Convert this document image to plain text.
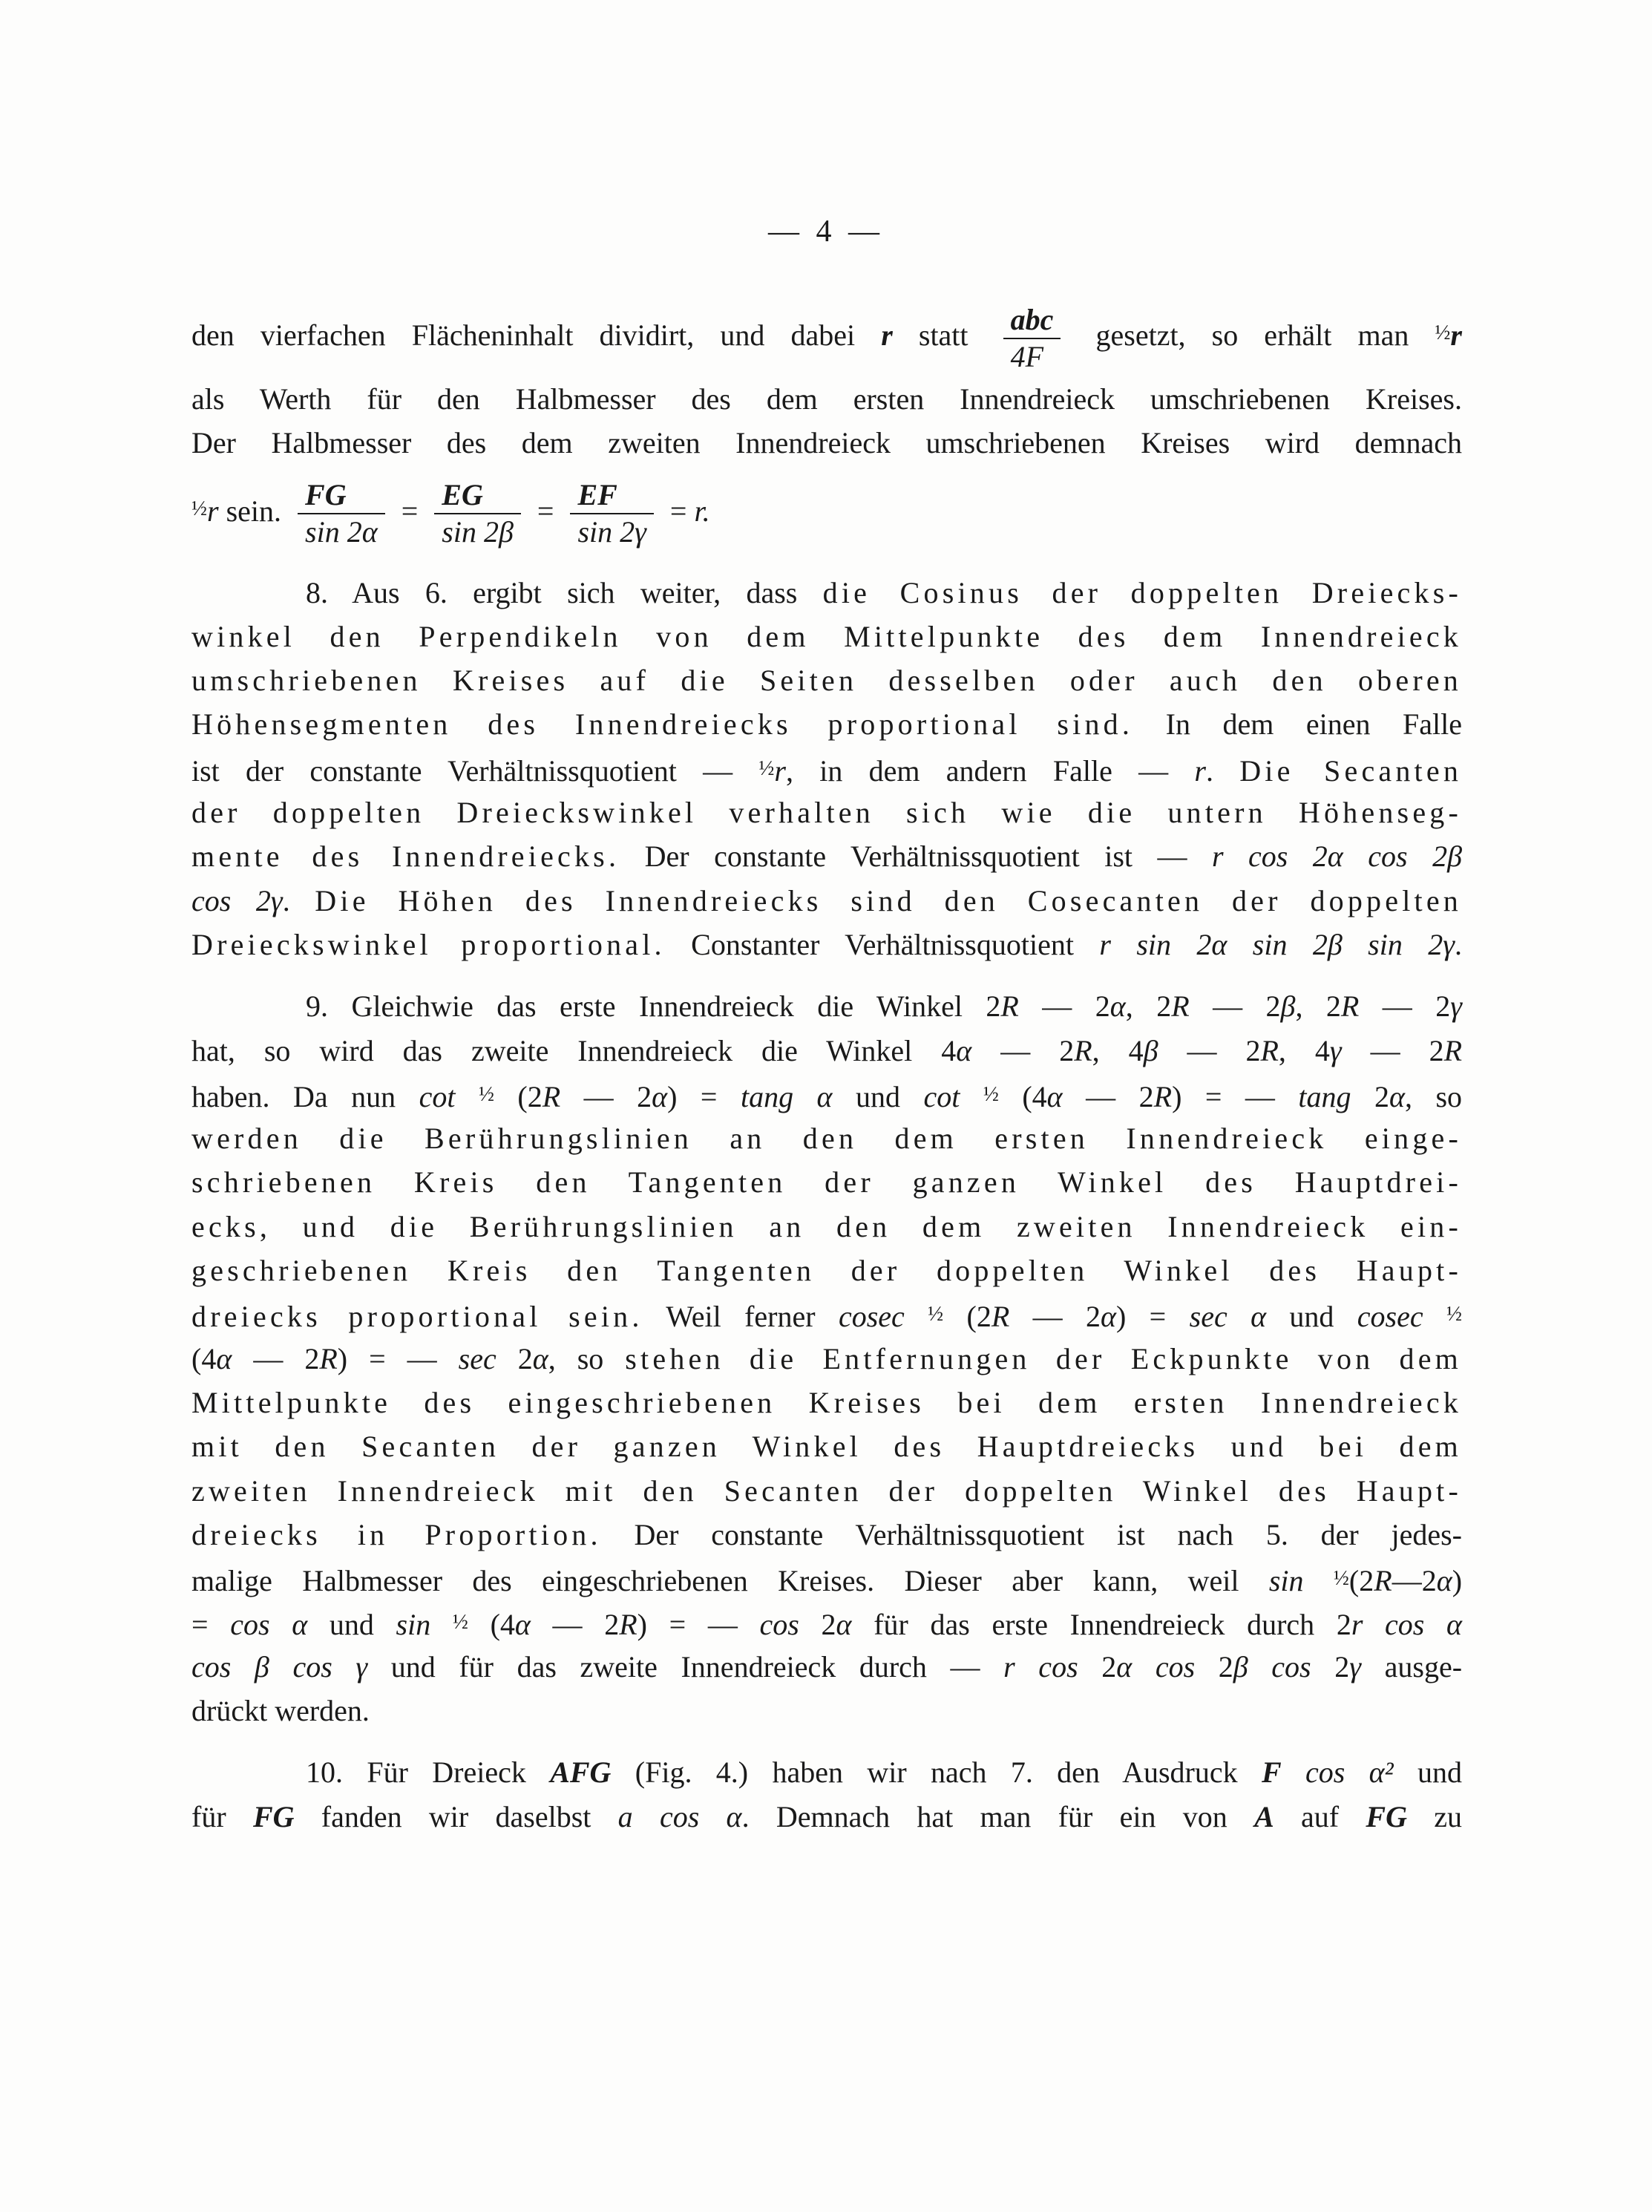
— 4 —
den vierfachen Flächeninhalt dividirt, und dabei r statt $\frac{\text{abc}}{4F}$ gesetzt, so erhält man $^{\frac{1}{2}}$r
als Werth für den Halbmesser des dem ersten Innendreieck umschriebenen Kreises.
Der Halbmesser des dem zweiten Innendreieck umschriebenen Kreises wird demnach
$^{\frac{1}{2}}$r sein. $\frac{FG}{\sin 2\alpha} = \frac{EG}{\sin 2\beta} = \frac{EF}{\sin 2\gamma} = r$.
8. Aus 6. ergibt sich weiter, dass die Cosinus der doppelten Dreiecks-
winkel den Perpendikeln von dem Mittelpunkte des dem Innendreieck
umschriebenen Kreises auf die Seiten desselben oder auch den oberen
Höhensegmenten des Innendreiecks proportional sind. In dem einen Falle
ist der constante Verhältnissquotient — $^{\frac{1}{2}}$r, in dem andern Falle — r. Die Secanten
der doppelten Dreieckswinkel verhalten sich wie die untern Höhenseg-
mente des Innendreiecks. Der constante Verhältnissquotient ist — r cos 2α cos 2β
cos 2γ. Die Höhen des Innendreiecks sind den Cosecanten der doppelten
Dreieckswinkel proportional. Constanter Verhältnissquotient r sin 2α sin 2β sin 2γ.
9. Gleichwie das erste Innendreieck die Winkel 2R — 2α, 2R — 2β, 2R — 2γ
hat, so wird das zweite Innendreieck die Winkel 4α — 2R, 4β — 2R, 4γ — 2R
haben. Da nun cot $^{\frac{1}{2}}$ (2R — 2α) = tang α und cot $^{\frac{1}{2}}$ (4α — 2R) = — tang 2α, so
werden die Berührungslinien an den dem ersten Innendreieck einge-
schriebenen Kreis den Tangenten der ganzen Winkel des Hauptdrei-
ecks, und die Berührungslinien an den dem zweiten Innendreieck ein-
geschriebenen Kreis den Tangenten der doppelten Winkel des Haupt-
dreiecks proportional sein. Weil ferner cosec $^{\frac{1}{2}}$ (2R — 2α) = sec α und cosec $^{\frac{1}{2}}$
(4α — 2R) = — sec 2α, so stehen die Entfernungen der Eckpunkte von dem
Mittelpunkte des eingeschriebenen Kreises bei dem ersten Innendreieck
mit den Secanten der ganzen Winkel des Hauptdreiecks und bei dem
zweiten Innendreieck mit den Secanten der doppelten Winkel des Haupt-
dreiecks in Proportion. Der constante Verhältnissquotient ist nach 5. der jedes-
malige Halbmesser des eingeschriebenen Kreises. Dieser aber kann, weil sin $^{\frac{1}{2}}$(2R—2α)
= cos α und sin $^{\frac{1}{2}}$ (4α — 2R) = — cos 2α für das erste Innendreieck durch 2r cos α
cos β cos γ und für das zweite Innendreieck durch — r cos 2α cos 2β cos 2γ ausge-
drückt werden.
10. Für Dreieck AFG (Fig. 4.) haben wir nach 7. den Ausdruck F cos α² und
für FG fanden wir daselbst a cos α. Demnach hat man für ein von A auf FG zu
